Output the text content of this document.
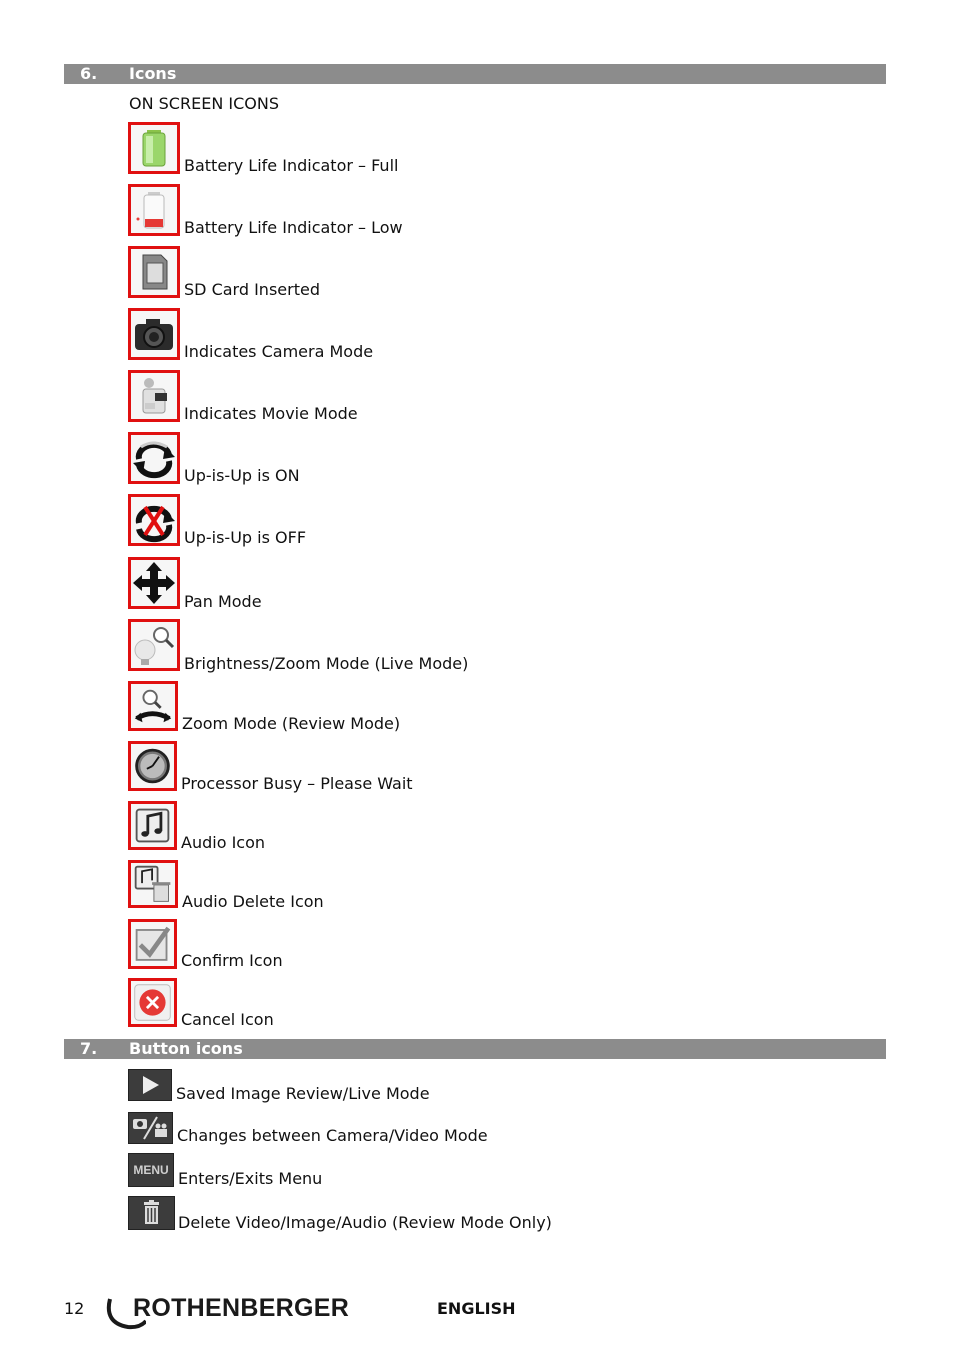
6. Icons
ON SCREEN ICONS
Battery Life Indicator – Full
Battery Life Indicator – Low
SD Card Inserted
Indicates Camera Mode
Indicates Movie Mode
Up-is-Up is ON
Up-is-Up is OFF
Pan Mode
Brightness/Zoom Mode (Live Mode)
Zoom Mode (Review Mode)
Processor Busy – Please Wait
Audio Icon
Audio Delete Icon
Confirm Icon
Cancel Icon
7. Button icons
Saved Image Review/Live Mode
Changes between Camera/Video Mode
MENU Enters/Exits Menu
Delete Video/Image/Audio (Review Mode Only)
12 ROTHENBERGER	ENGLISH
